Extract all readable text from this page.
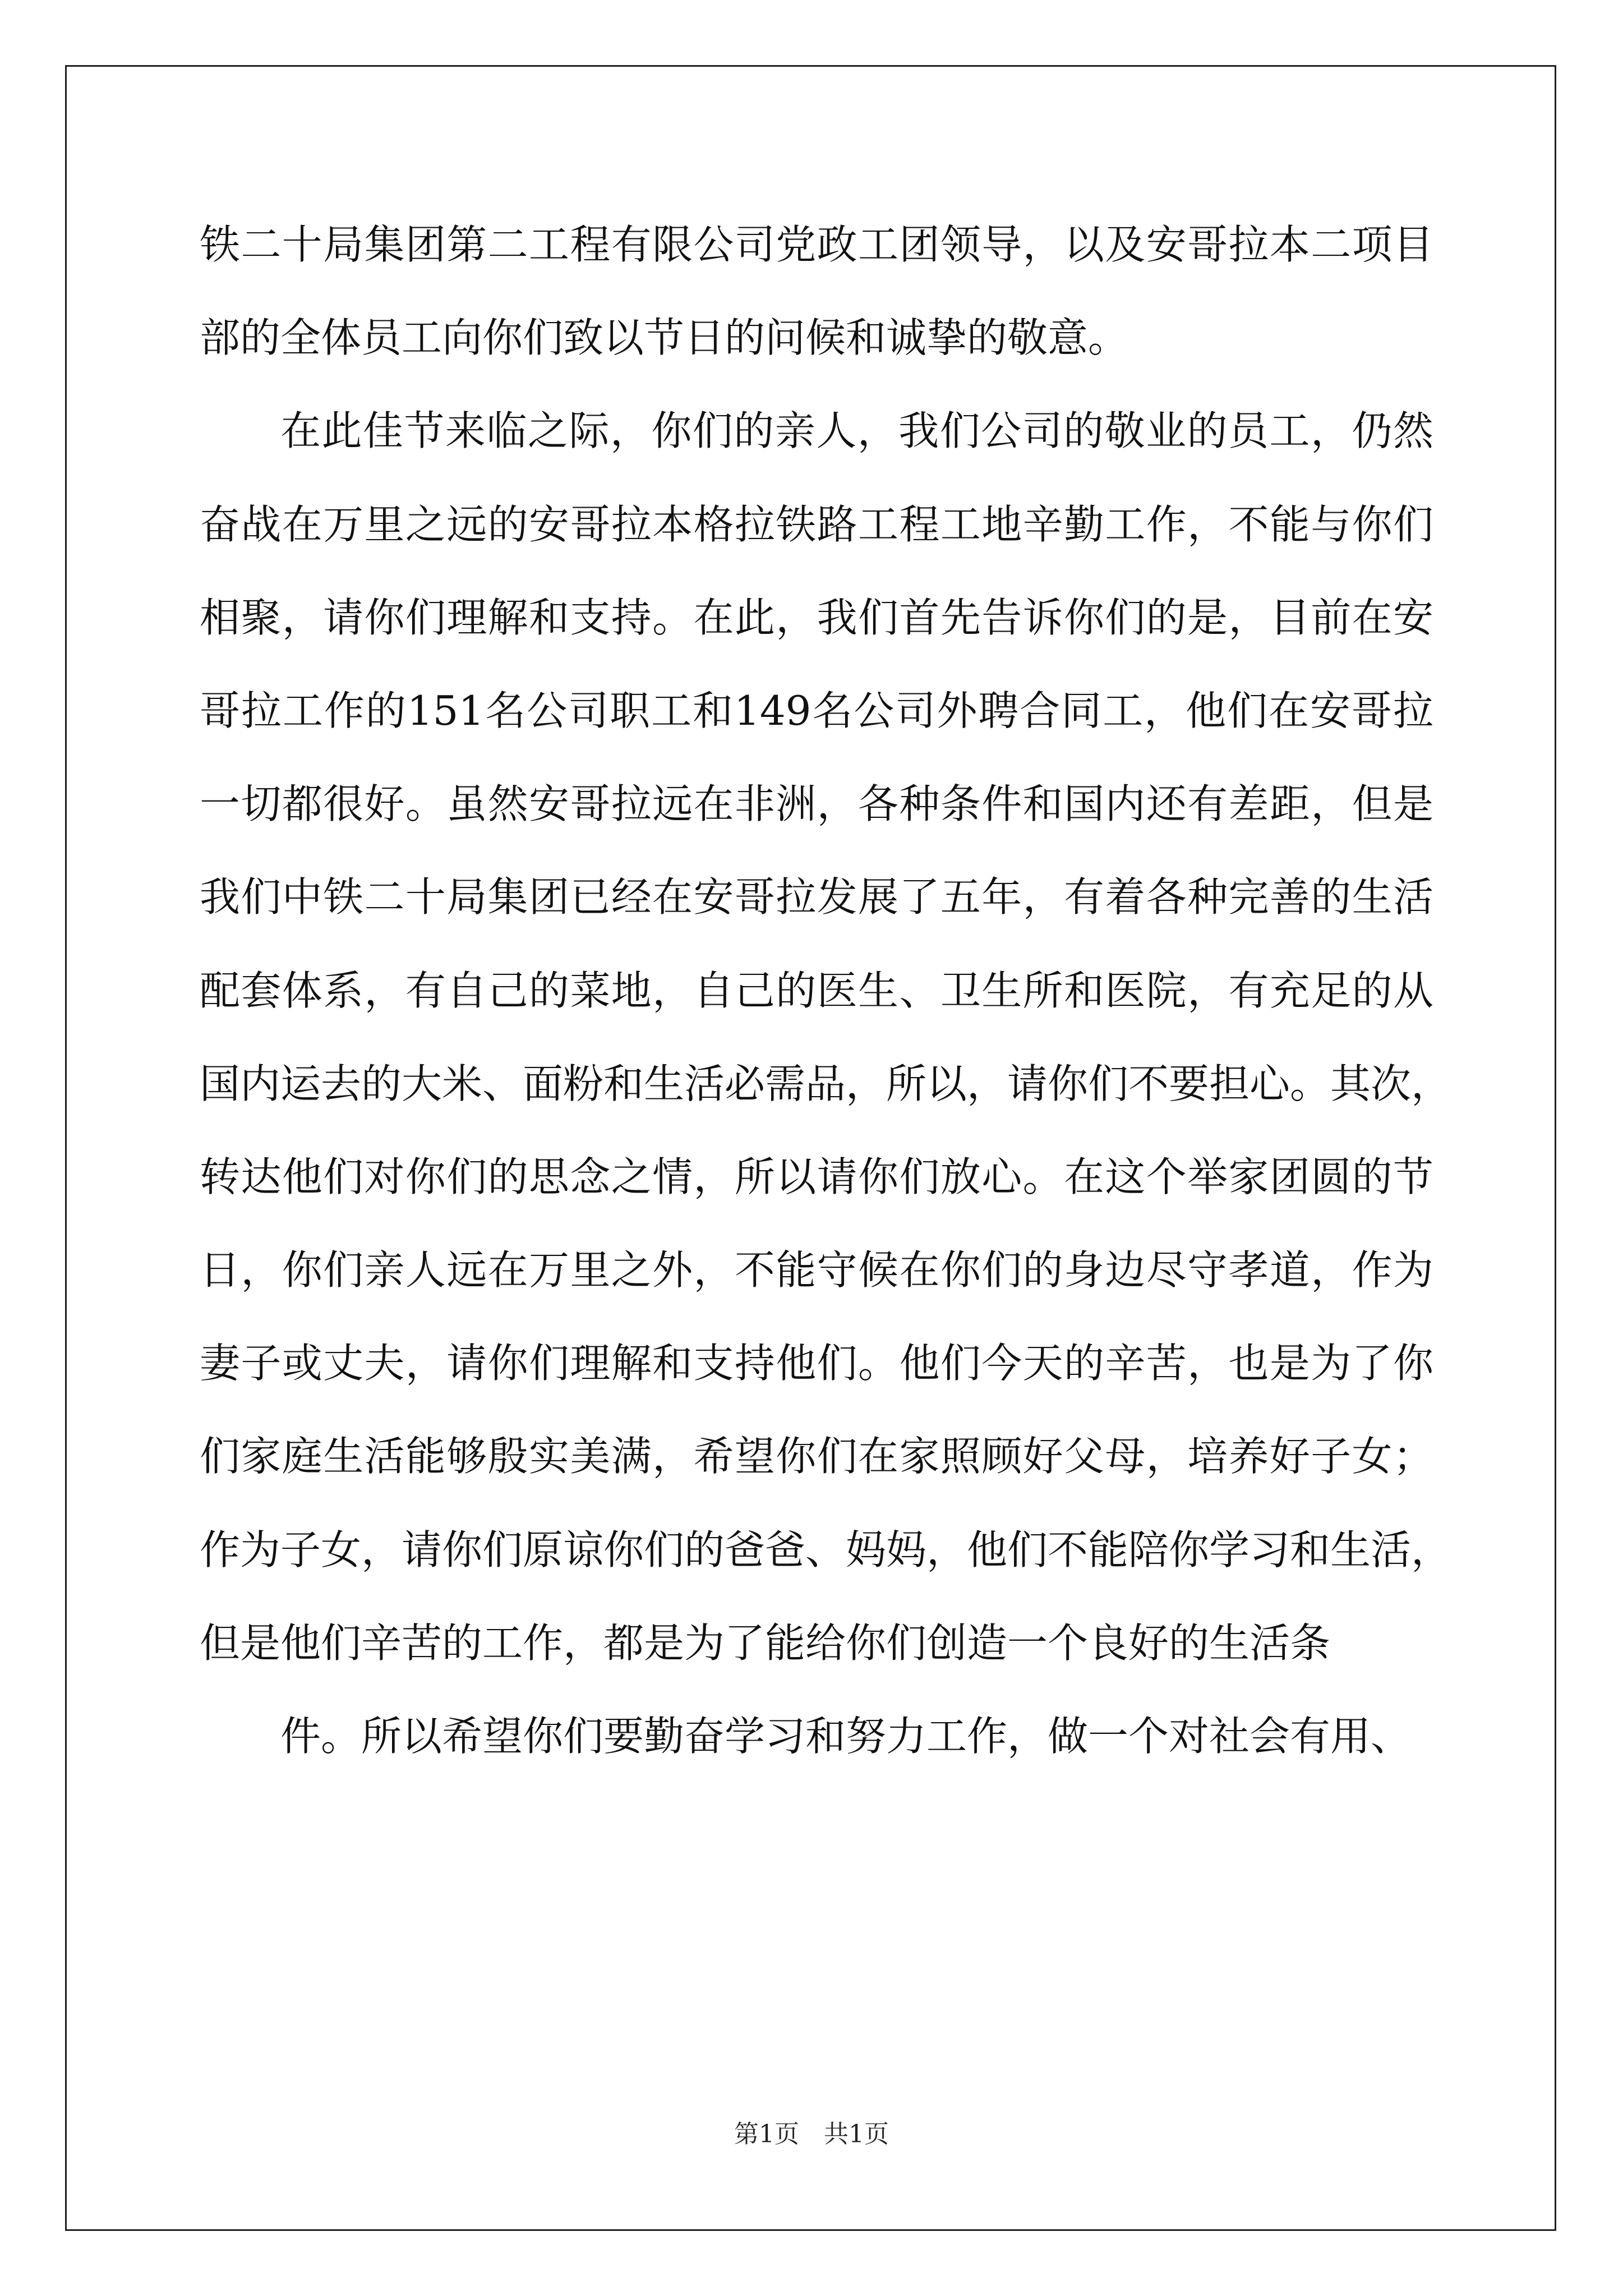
铁二十局集团第二工程有限公司党政工团领导，以及安哥拉本二项目
部的全体员工向你们致以节日的问候和诚挚的敬意。
在此佳节来临之际，你们的亲人，我们公司的敬业的员工，仍然
奋战在万里之远的安哥拉本格拉铁路工程工地辛勤工作，不能与你们
相聚，请你们理解和支持。在此，我们首先告诉你们的是，目前在安
哥拉工作的151名公司职工和149名公司外聘合同工，他们在安哥拉
一切都很好。虽然安哥拉远在非洲，各种条件和国内还有差距，但是
我们中铁二十局集团已经在安哥拉发展了五年，有着各种完善的生活
配套体系，有自己的菜地，自己的医生、卫生所和医院，有充足的从
国内运去的大米、面粉和生活必需品，所以，请你们不要担心。其次，
转达他们对你们的思念之情，所以请你们放心。在这个举家团圆的节
日，你们亲人远在万里之外，不能守候在你们的身边尽守孝道，作为
妻子或丈夫，请你们理解和支持他们。他们今天的辛苦，也是为了你
们家庭生活能够殷实美满，希望你们在家照顾好父母，培养好子女；
作为子女，请你们原谅你们的爸爸、妈妈，他们不能陪你学习和生活，
但是他们辛苦的工作，都是为了能给你们创造一个良好的生活条
件。所以希望你们要勤奋学习和努力工作，做一个对社会有用、
第1页 共1页
